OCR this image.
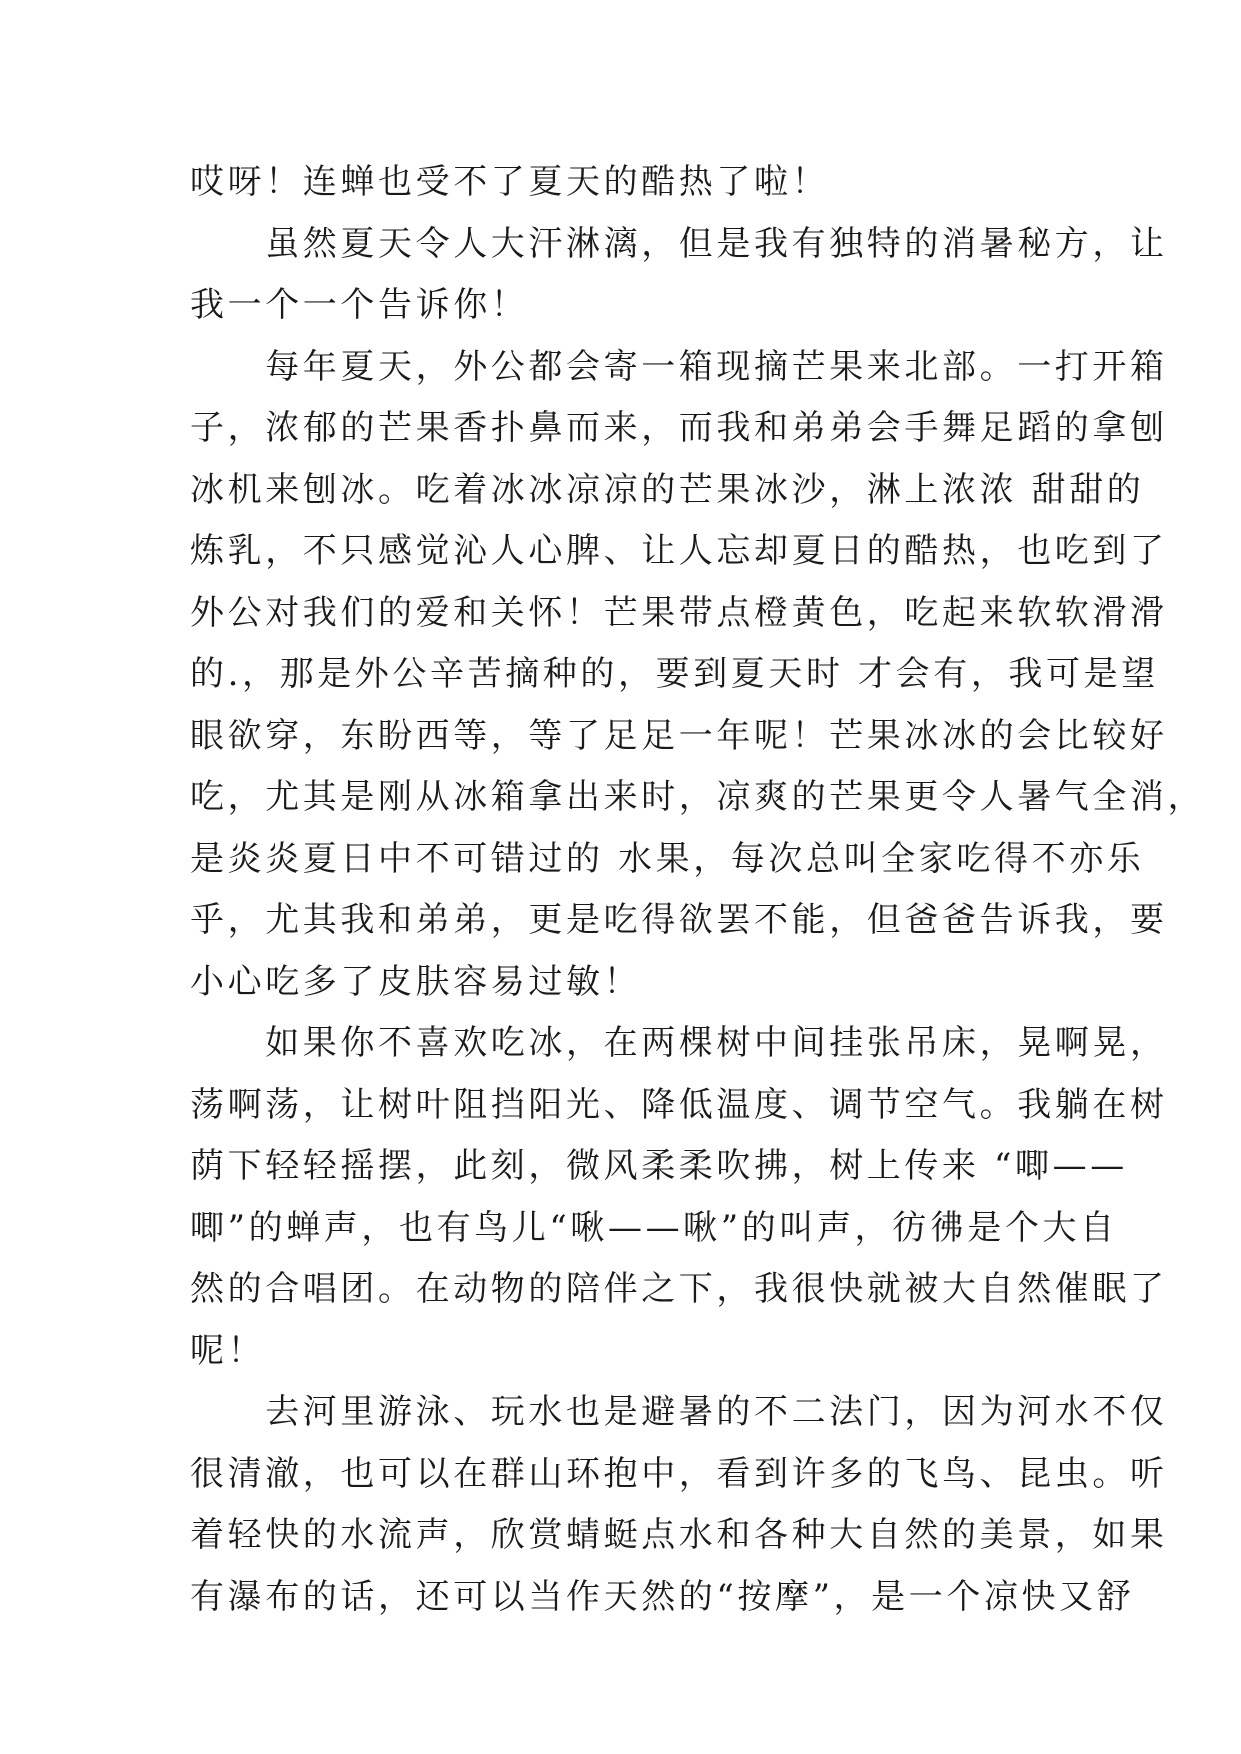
哎呀！连蝉也受不了夏天的酷热了啦！
　　虽然夏天令人大汗淋漓，但是我有独特的消暑秘方，让
我一个一个告诉你！
　　每年夏天，外公都会寄一箱现摘芒果来北部。一打开箱
子，浓郁的芒果香扑鼻而来，而我和弟弟会手舞足蹈的拿刨
冰机来刨冰。吃着冰冰凉凉的芒果冰沙，淋上浓浓 甜甜的
炼乳，不只感觉沁人心脾、让人忘却夏日的酷热，也吃到了
外公对我们的爱和关怀！芒果带点橙黄色，吃起来软软滑滑
的.，那是外公辛苦摘种的，要到夏天时 才会有，我可是望
眼欲穿，东盼西等，等了足足一年呢！芒果冰冰的会比较好
吃，尤其是刚从冰箱拿出来时，凉爽的芒果更令人暑气全消，
是炎炎夏日中不可错过的 水果，每次总叫全家吃得不亦乐
乎，尤其我和弟弟，更是吃得欲罢不能，但爸爸告诉我，要
小心吃多了皮肤容易过敏！
　　如果你不喜欢吃冰，在两棵树中间挂张吊床，晃啊晃，
荡啊荡，让树叶阻挡阳光、降低温度、调节空气。我躺在树
荫下轻轻摇摆，此刻，微风柔柔吹拂，树上传来 “唧——
唧”的蝉声，也有鸟儿“啾——啾”的叫声，彷彿是个大自
然的合唱团。在动物的陪伴之下，我很快就被大自然催眠了
呢！
　　去河里游泳、玩水也是避暑的不二法门，因为河水不仅
很清澈，也可以在群山环抱中，看到许多的飞鸟、昆虫。听
着轻快的水流声，欣赏蜻蜓点水和各种大自然的美景，如果
有瀑布的话，还可以当作天然的“按摩”，是一个凉快又舒
